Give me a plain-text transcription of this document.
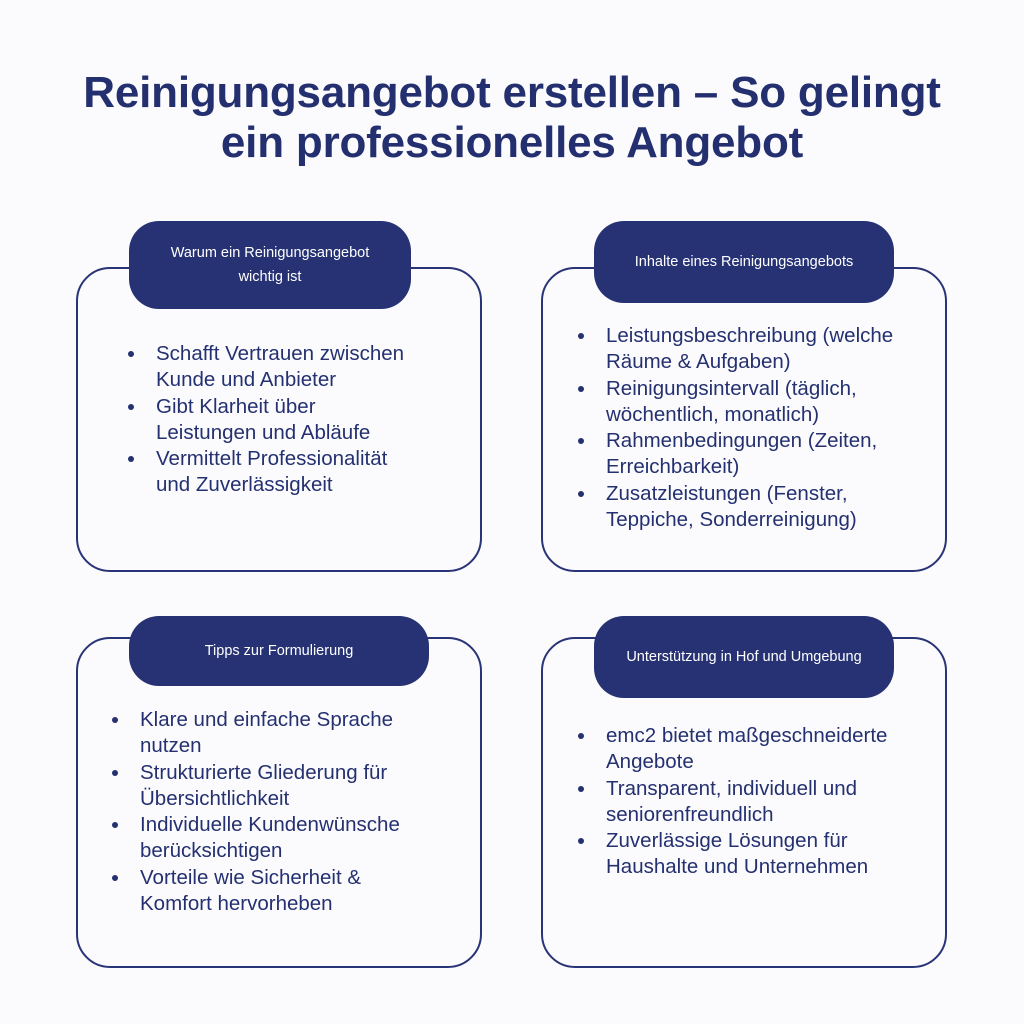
Reinigungsangebot erstellen – So gelingt
ein professionelles Angebot
Warum ein Reinigungsangebot
wichtig ist
Schafft Vertrauen zwischen
Kunde und Anbieter
Gibt Klarheit über
Leistungen und Abläufe
Vermittelt Professionalität
und Zuverlässigkeit
Inhalte eines Reinigungsangebots
Leistungsbeschreibung (welche
Räume & Aufgaben)
Reinigungsintervall (täglich,
wöchentlich, monatlich)
Rahmenbedingungen (Zeiten,
Erreichbarkeit)
Zusatzleistungen (Fenster,
Teppiche, Sonderreinigung)
Tipps zur Formulierung
Klare und einfache Sprache
nutzen
Strukturierte Gliederung für
Übersichtlichkeit
Individuelle Kundenwünsche
berücksichtigen
Vorteile wie Sicherheit &
Komfort hervorheben
Unterstützung in Hof und Umgebung
emc2 bietet maßgeschneiderte
Angebote
Transparent, individuell und
seniorenfreundlich
Zuverlässige Lösungen für
Haushalte und Unternehmen
